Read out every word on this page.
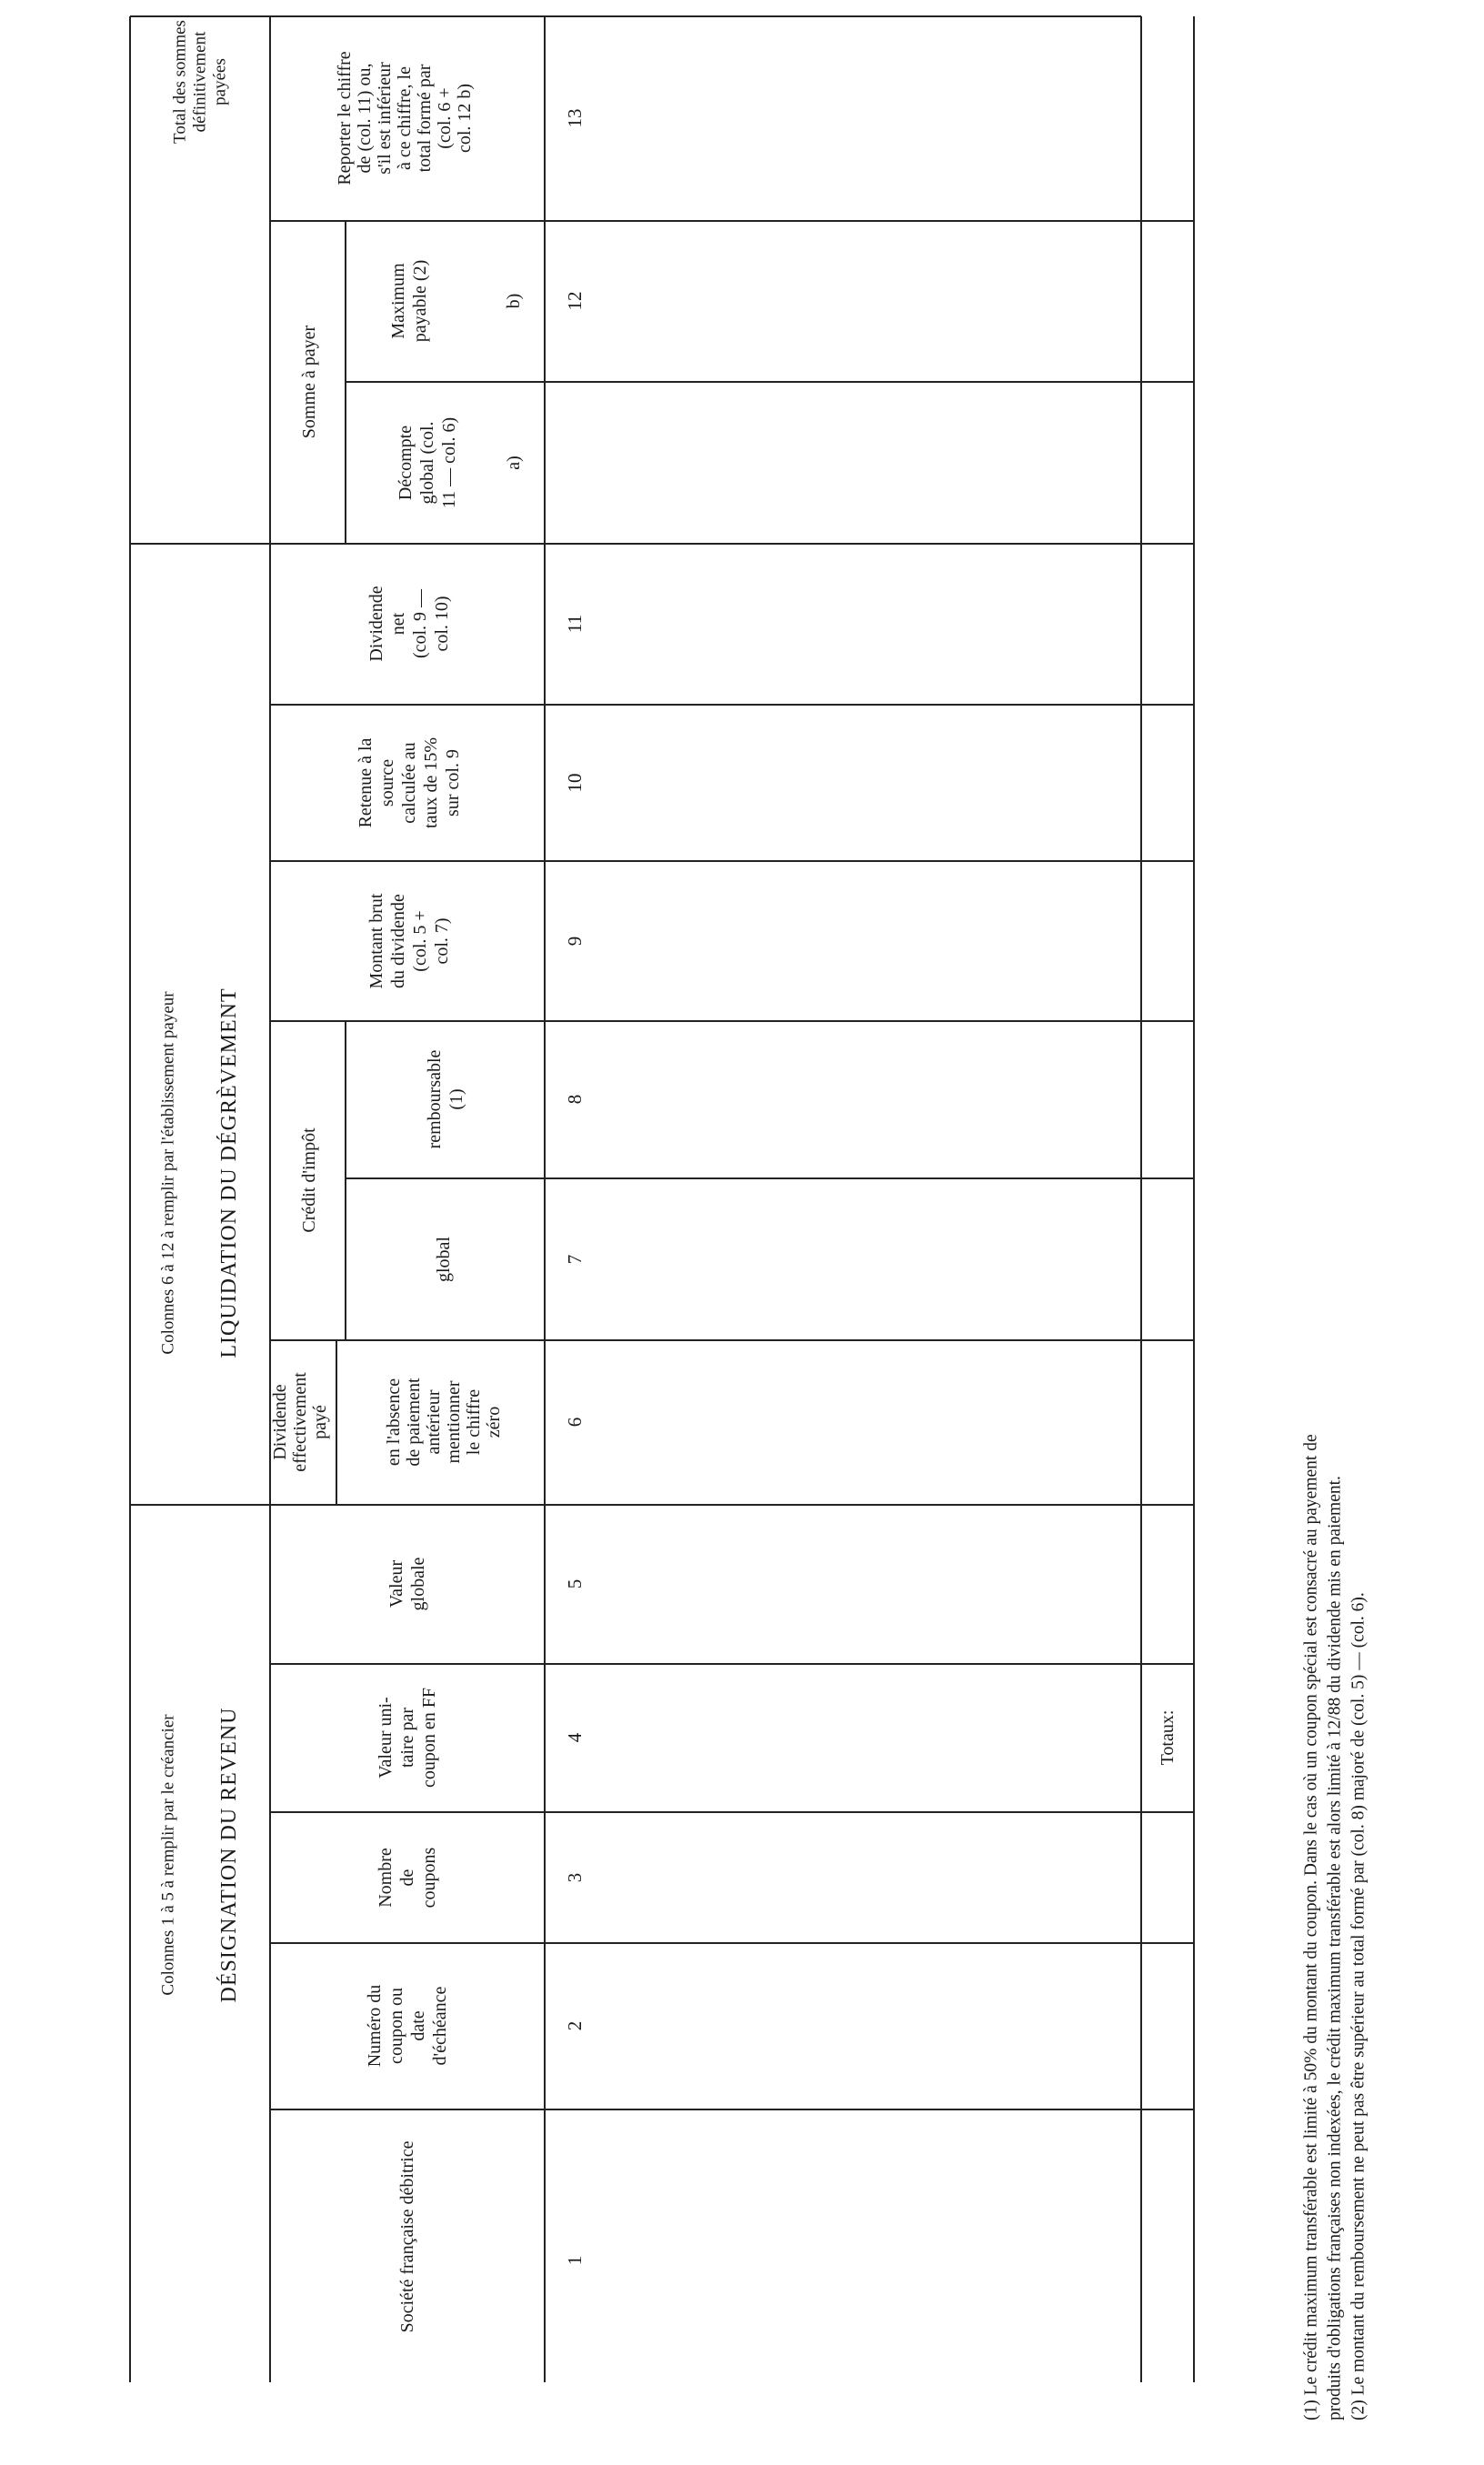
Colonnes 6 à 12 à remplir par l'établissement payeur LIQUIDATION DU DÉGRÈVEMENT
Colonnes 1 à 5 à remplir par le créancier DÉSIGNATION DU REVENU
Total des sommes définitivement payées
Somme à payer
Crédit d'impôt
Dividende effectivement payé
Société française débitrice
Numéro du coupon ou date d'échéance
Nombre de coupons
Valeur uni- taire par coupon en FF
Valeur globale
en l'absence de paiement antérieur mentionner le chiffre zéro
global
remboursable (1)
Montant brut du dividende (col. 5 + col. 7)
Retenue à la source calculée au taux de 15% sur col. 9
Dividende net (col. 9 — col. 10)
Décompte global (col. 11 — col. 6)
Maximum payable (2)
Reporter le chiffre de (col. 11) ou, s'il est inférieur à ce chiffre, le total formé par (col. 6 + col. 12 b)
a)
b)
1
2
3
4
5
6
7
8
9
10
11
12
13
Totaux:	(1) Le crédit maximum transférable est limité à 50% du montant du coupon. Dans le cas où un coupon spécial est consacré au payement de produits d'obligations françaises non indexées, le crédit maximum transférable est alors limité à 12/88 du dividende mis en paiement. (2) Le montant du remboursement ne peut pas être supérieur au total formé par (col. 8) majoré de (col. 5) — (col. 6).
